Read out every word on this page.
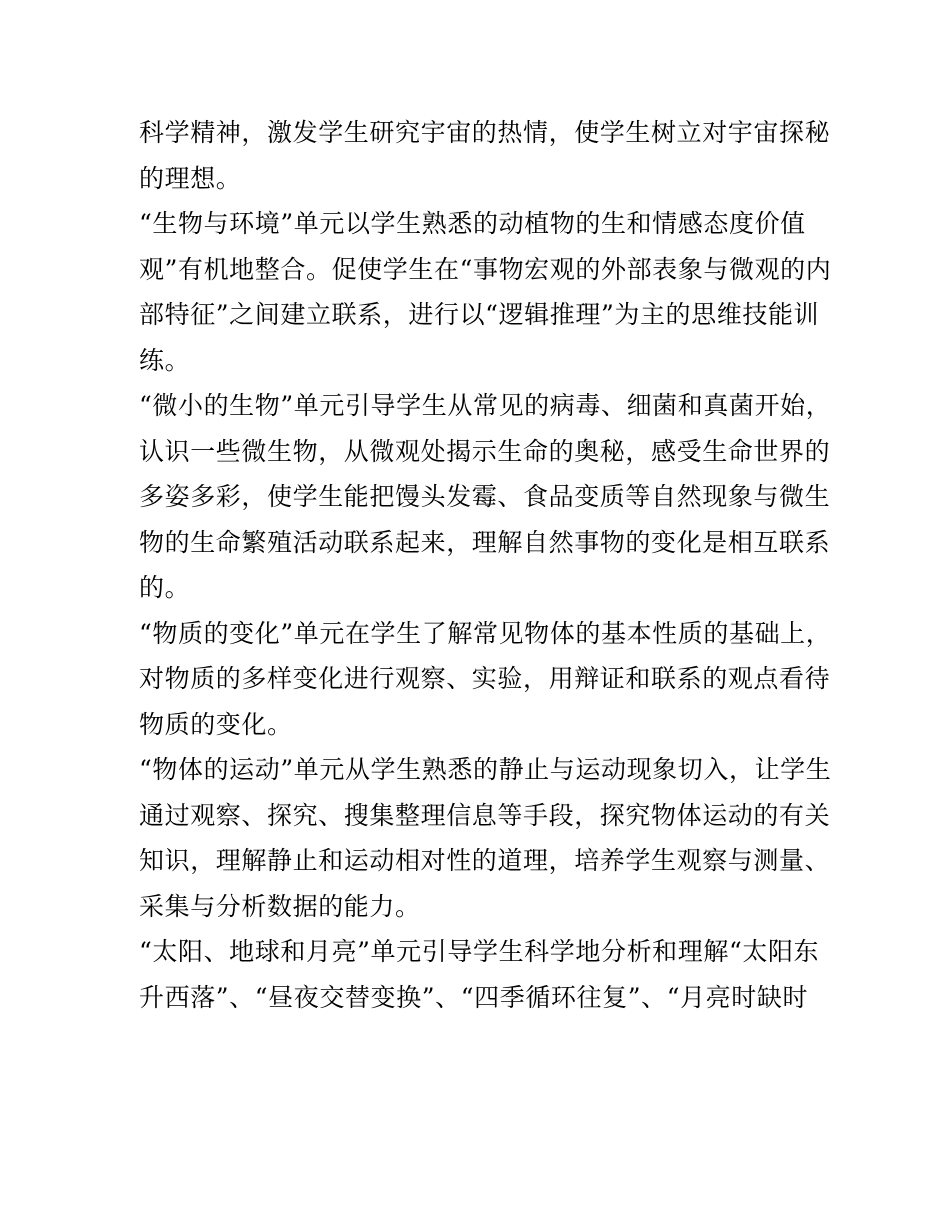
科学精神，激发学生研究宇宙的热情，使学生树立对宇宙探秘
的理想。
“生物与环境”单元以学生熟悉的动植物的生和情感态度价值
观”有机地整合。促使学生在“事物宏观的外部表象与微观的内
部特征”之间建立联系，进行以“逻辑推理”为主的思维技能训
练。
“微小的生物”单元引导学生从常见的病毒、细菌和真菌开始，
认识一些微生物，从微观处揭示生命的奥秘，感受生命世界的
多姿多彩，使学生能把馒头发霉、食品变质等自然现象与微生
物的生命繁殖活动联系起来，理解自然事物的变化是相互联系
的。
“物质的变化”单元在学生了解常见物体的基本性质的基础上，
对物质的多样变化进行观察、实验，用辩证和联系的观点看待
物质的变化。
“物体的运动”单元从学生熟悉的静止与运动现象切入，让学生
通过观察、探究、搜集整理信息等手段，探究物体运动的有关
知识，理解静止和运动相对性的道理，培养学生观察与测量、
采集与分析数据的能力。
“太阳、地球和月亮”单元引导学生科学地分析和理解“太阳东
升西落”、“昼夜交替变换”、“四季循环往复”、“月亮时缺时
